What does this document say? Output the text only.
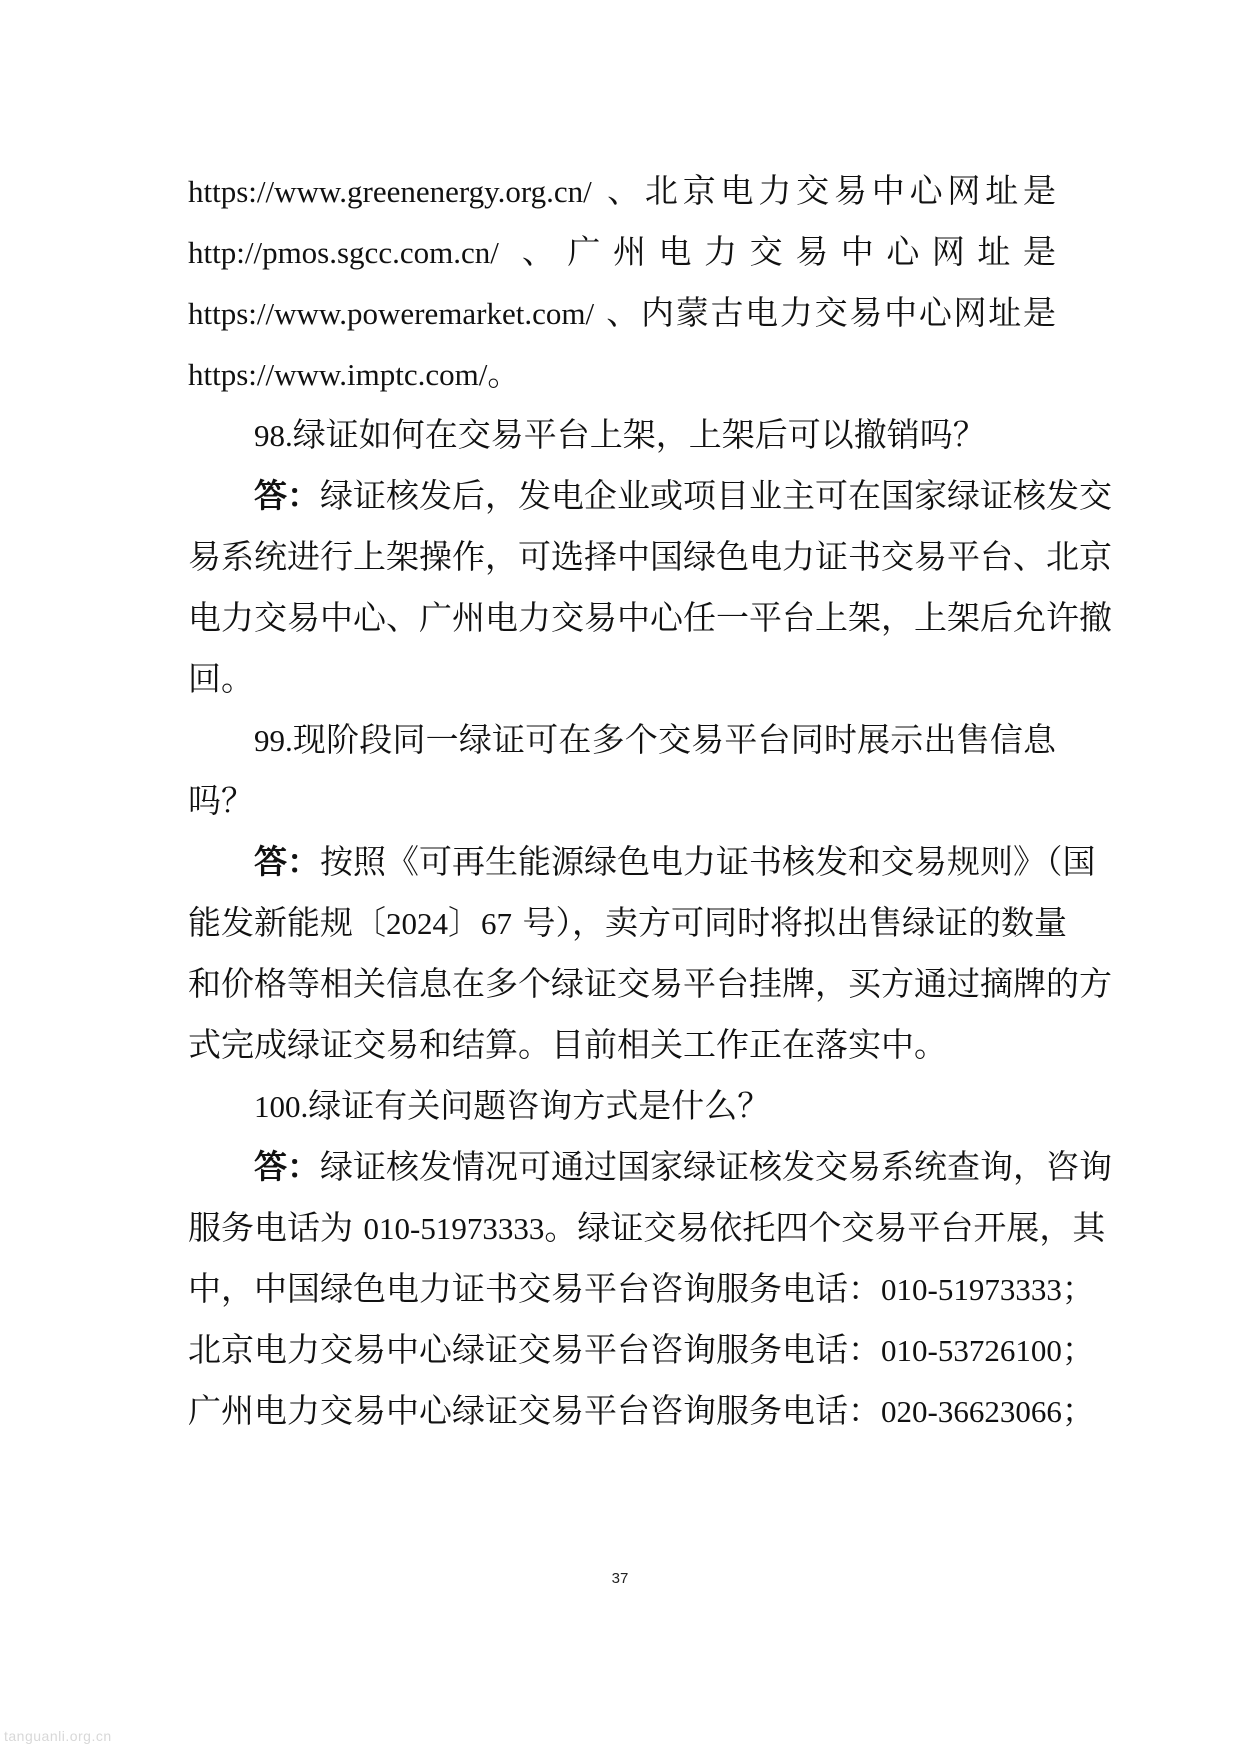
https://www.greenenergy.org.cn/ 、北京电力交易中心网址是
http://pmos.sgcc.com.cn/ 、广州电力交易中心网址是
https://www.poweremarket.com/ 、内蒙古电力交易中心网址是
https://www.imptc.com/。
98.绿证如何在交易平台上架，上架后可以撤销吗？
答：绿证核发后，发电企业或项目业主可在国家绿证核发交
易系统进行上架操作，可选择中国绿色电力证书交易平台、北京
电力交易中心、广州电力交易中心任一平台上架，上架后允许撤
回。
99.现阶段同一绿证可在多个交易平台同时展示出售信息
吗？
答：按照《可再生能源绿色电力证书核发和交易规则》（国
能发新能规〔2024〕67 号），卖方可同时将拟出售绿证的数量
和价格等相关信息在多个绿证交易平台挂牌，买方通过摘牌的方
式完成绿证交易和结算。目前相关工作正在落实中。
100.绿证有关问题咨询方式是什么？
答：绿证核发情况可通过国家绿证核发交易系统查询，咨询
服务电话为 010-51973333。绿证交易依托四个交易平台开展，其
中，中国绿色电力证书交易平台咨询服务电话：010-51973333；
北京电力交易中心绿证交易平台咨询服务电话：010-53726100；
广州电力交易中心绿证交易平台咨询服务电话：020-36623066；
37
tanguanli.org.cn
